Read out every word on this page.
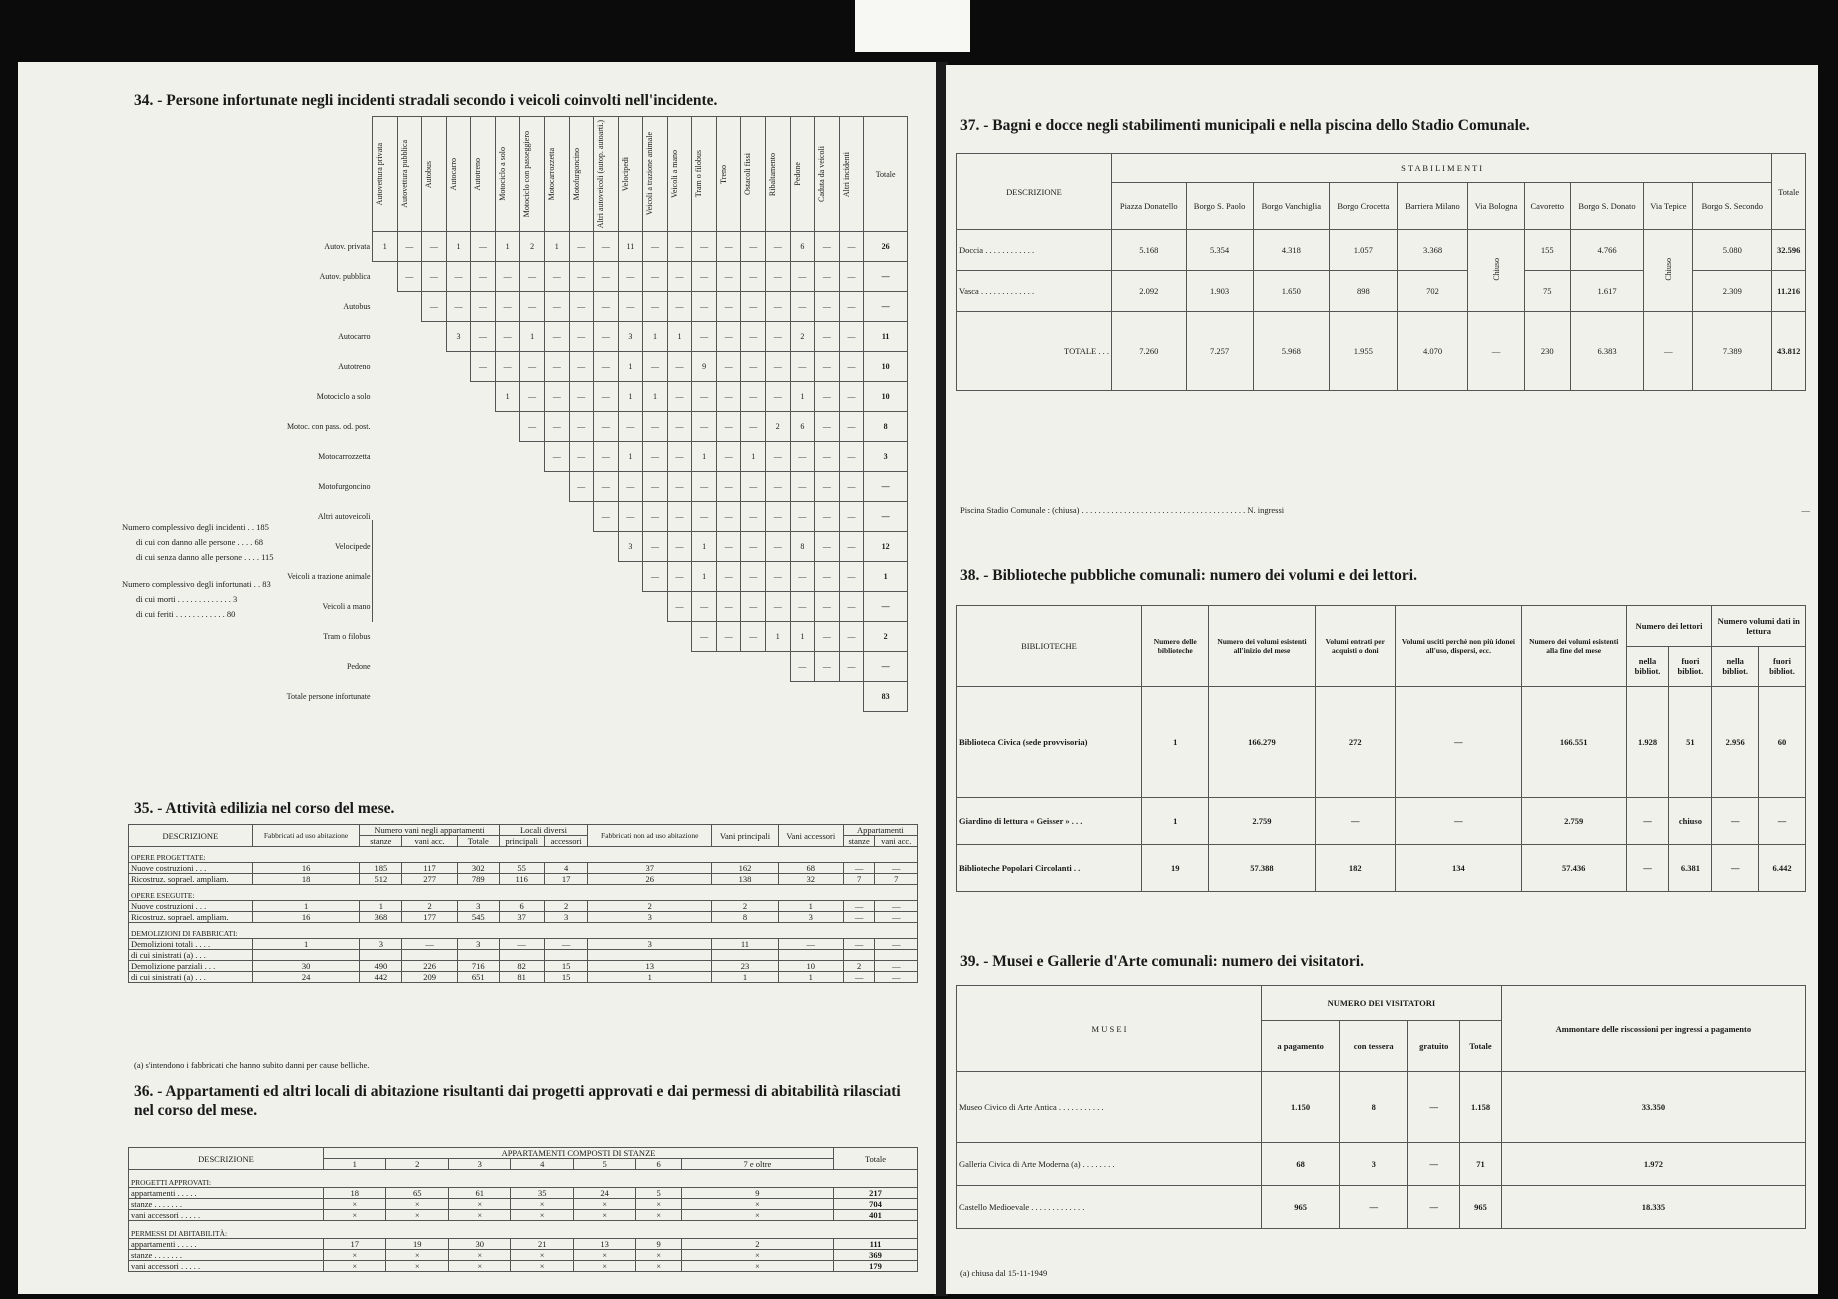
34. - Persone infortunate negli incidenti stradali secondo i veicoli coinvolti nell'incidente.

	Autovettura privata	Autovettura pubblica	Autobus	Autocarro	Autotreno	Motociclo a solo	Motociclo con passeggiero	Motocarrozzetta	Motofurgoncino	Altri autoveicoli (autop. autoarti.)	Velocipedi	Veicoli a trazione animale	Veicoli a mano	Tram o filobus	Treno	Ostacoli fissi	Ribaltamento	Pedone	Caduta da veicoli	Altri incidenti	Totale
Autov. privata	1	—	—	1	—	1	2	1	—	—	11	—	—	—	—	—	—	6	—	—	26
Autov. pubblica		—	—	—	—	—	—	—	—	—	—	—	—	—	—	—	—	—	—	—	—
Autobus			—	—	—	—	—	—	—	—	—	—	—	—	—	—	—	—	—	—	—
Autocarro				3	—	—	1	—	—	—	3	1	1	—	—	—	—	2	—	—	11
Autotreno					—	—	—	—	—	—	1	—	—	9	—	—	—	—	—	—	10
Motociclo a solo						1	—	—	—	—	1	1	—	—	—	—	—	1	—	—	10
Motoc. con pass. od. post.							—	—	—	—	—	—	—	—	—	—	2	6	—	—	8
Motocarrozzetta								—	—	—	1	—	—	1	—	1	—	—	—	—	3
Motofurgoncino									—	—	—	—	—	—	—	—	—	—	—	—	—
Altri autoveicoli										—	—	—	—	—	—	—	—	—	—	—	—
Velocipede											3	—	—	1	—	—	—	8	—	—	12
Veicoli a trazione animale												—	—	1	—	—	—	—	—	—	1
Veicoli a mano													—	—	—	—	—	—	—	—	—
Tram o filobus														—	—	—	1	1	—	—	2
Pedone																		—	—	—	—
Totale persone infortunate																					83
Numero complessivo degli incidenti . . 185
di cui con danno alle persone . . . . 68
di cui senza danno alle persone . . . . 115
Numero complessivo degli infortunati . . 83
di cui morti . . . . . . . . . . . . . 3
di cui feriti . . . . . . . . . . . . 80
35. - Attività edilizia nel corso del mese.
DESCRIZIONE	Fabbricati ad uso abitazione	Numero vani negli appartamenti			Locali diversi		Fabbricati non ad uso abitazione	Vani principali	Vani accessori	Appartamenti	
		stanze	vani acc.	Totale	principali	accessori				stanze	vani acc.
OPERE PROGETTATE:											
Nuove costruzioni . . .	16	185	117	302	55	4	37	162	68	—	—
Ricostruz. soprael. ampliam.	18	512	277	789	116	17	26	138	32	7	7
OPERE ESEGUITE:											
Nuove costruzioni . . .	1	1	2	3	6	2	2	2	1	—	—
Ricostruz. soprael. ampliam.	16	368	177	545	37	3	3	8	3	—	—
DEMOLIZIONI DI FABBRICATI:											
Demolizioni totali . . . .	1	3	—	3	—	—	3	11	—	—	—
di cui sinistrati (a) . . .											
Demolizione parziali . . .	30	490	226	716	82	15	13	23	10	2	—
di cui sinistrati (a) . . .	24	442	209	651	81	15	1	1	1	—	—
(a) s'intendono i fabbricati che hanno subito danni per cause belliche.
36. - Appartamenti ed altri locali di abitazione risultanti dai progetti approvati e dai permessi di abitabilità rilasciati nel corso del mese.
DESCRIZIONE	APPARTAMENTI COMPOSTI DI STANZE							Totale
	1	2	3	4	5	6	7 e oltre	
PROGETTI APPROVATI:								
appartamenti . . . . .	18	65	61	35	24	5	9	217
stanze . . . . . . .	×	×	×	×	×	×	×	704
vani accessori . . . . .	×	×	×	×	×	×	×	401
PERMESSI DI ABITABILITÀ:								
appartamenti . . . . .	17	19	30	21	13	9	2	111
stanze . . . . . . .	×	×	×	×	×	×	×	369
vani accessori . . . . .	×	×	×	×	×	×	×	179
37. - Bagni e docce negli stabilimenti municipali e nella piscina dello Stadio Comunale.
DESCRIZIONE	S T A B I L I M E N T I										Totale
	Piazza Donatello	Borgo S. Paolo	Borgo Vanchiglia	Borgo Crocetta	Barriera Milano	Via Bologna	Cavoretto	Borgo S. Donato	Via Tepice	Borgo S. Secondo	
Doccia . . . . . . . . . . . .	5.168	5.354	4.318	1.057	3.368	Chiuso	155	4.766	Chiuso	5.080	32.596
Vasca . . . . . . . . . . . . .	2.092	1.903	1.650	898	702		75	1.617		2.309	11.216
TOTALE . . .	7.260	7.257	5.968	1.955	4.070	—	230	6.383	—	7.389	43.812
Piscina Stadio Comunale : (chiusa) . . . . . . . . . . . . . . . . . . . . . . . . . . . . . . . . . . . . . . . N. ingressi	—
38. - Biblioteche pubbliche comunali: numero dei volumi e dei lettori.
BIBLIOTECHE	Numero delle biblioteche	Numero dei volumi esistenti all'inizio del mese	Volumi entrati per acquisti o doni	Volumi usciti perchè non più idonei all'uso, dispersi, ecc.	Numero dei volumi esistenti alla fine del mese	Numero dei lettori		Numero volumi dati in lettura	
						nella bibliot.	fuori bibliot.	nella bibliot.	fuori bibliot.
Biblioteca Civica (sede provvisoria)	1	166.279	272	—	166.551	1.928	51	2.956	60
Giardino di lettura « Geisser » . . .	1	2.759	—	—	2.759	—	chiuso	—	—
Biblioteche Popolari Circolanti . .	19	57.388	182	134	57.436	—	6.381	—	6.442
39. - Musei e Gallerie d'Arte comunali: numero dei visitatori.
M U S E I	NUMERO DEI VISITATORI				Ammontare delle riscossioni per ingressi a pagamento
	a pagamento	con tessera	gratuito	Totale	
Museo Civico di Arte Antica . . . . . . . . . . .	1.150	8	—	1.158	33.350
Galleria Civica di Arte Moderna (a) . . . . . . . .	68	3	—	71	1.972
Castello Medioevale . . . . . . . . . . . . .	965	—	—	965	18.335
(a) chiusa dal 15-11-1949
